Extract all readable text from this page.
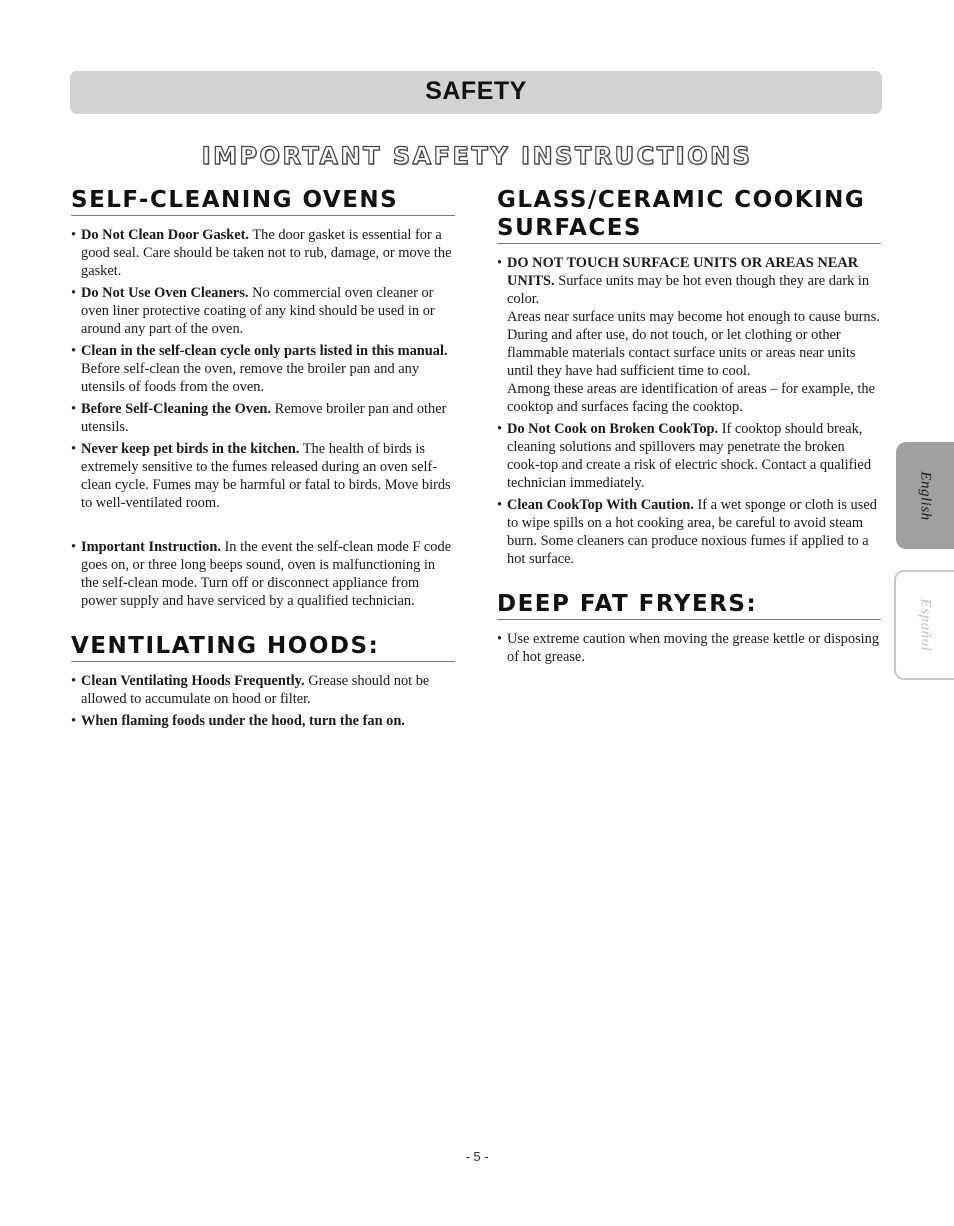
SAFETY
IMPORTANT SAFETY INSTRUCTIONS
SELF-CLEANING OVENS
• Do Not Clean Door Gasket. The door gasket is essential for a good seal. Care should be taken not to rub, damage, or move the gasket.
• Do Not Use Oven Cleaners. No commercial oven cleaner or oven liner protective coating of any kind should be used in or around any part of the oven.
• Clean in the self-clean cycle only parts listed in this manual. Before self-clean the oven, remove the broiler pan and any utensils of foods from the oven.
• Before Self-Cleaning the Oven. Remove broiler pan and other utensils.
• Never keep pet birds in the kitchen. The health of birds is extremely sensitive to the fumes released during an oven self-clean cycle. Fumes may be harmful or fatal to birds. Move birds to well-ventilated room.
• Important Instruction. In the event the self-clean mode F code goes on, or three long beeps sound, oven is malfunctioning in the self-clean mode. Turn off or disconnect appliance from power supply and have serviced by a qualified technician.
VENTILATING HOODS:
• Clean Ventilating Hoods Frequently. Grease should not be allowed to accumulate on hood or filter.
• When flaming foods under the hood, turn the fan on.
GLASS/CERAMIC COOKING SURFACES
• DO NOT TOUCH SURFACE UNITS OR AREAS NEAR UNITS. Surface units may be hot even though they are dark in color.
Areas near surface units may become hot enough to cause burns. During and after use, do not touch, or let clothing or other flammable materials contact surface units or areas near units until they have had sufficient time to cool.
Among these areas are identification of areas – for example, the cooktop and surfaces facing the cooktop.
• Do Not Cook on Broken CookTop. If cooktop should break, cleaning solutions and spillovers may penetrate the broken cook-top and create a risk of electric shock. Contact a qualified technician immediately.
• Clean CookTop With Caution. If a wet sponge or cloth is used to wipe spills on a hot cooking area, be careful to avoid steam burn. Some cleaners can produce noxious fumes if applied to a hot surface.
DEEP FAT FRYERS:
• Use extreme caution when moving the grease kettle or disposing of hot grease.
English
Español
- 5 -
